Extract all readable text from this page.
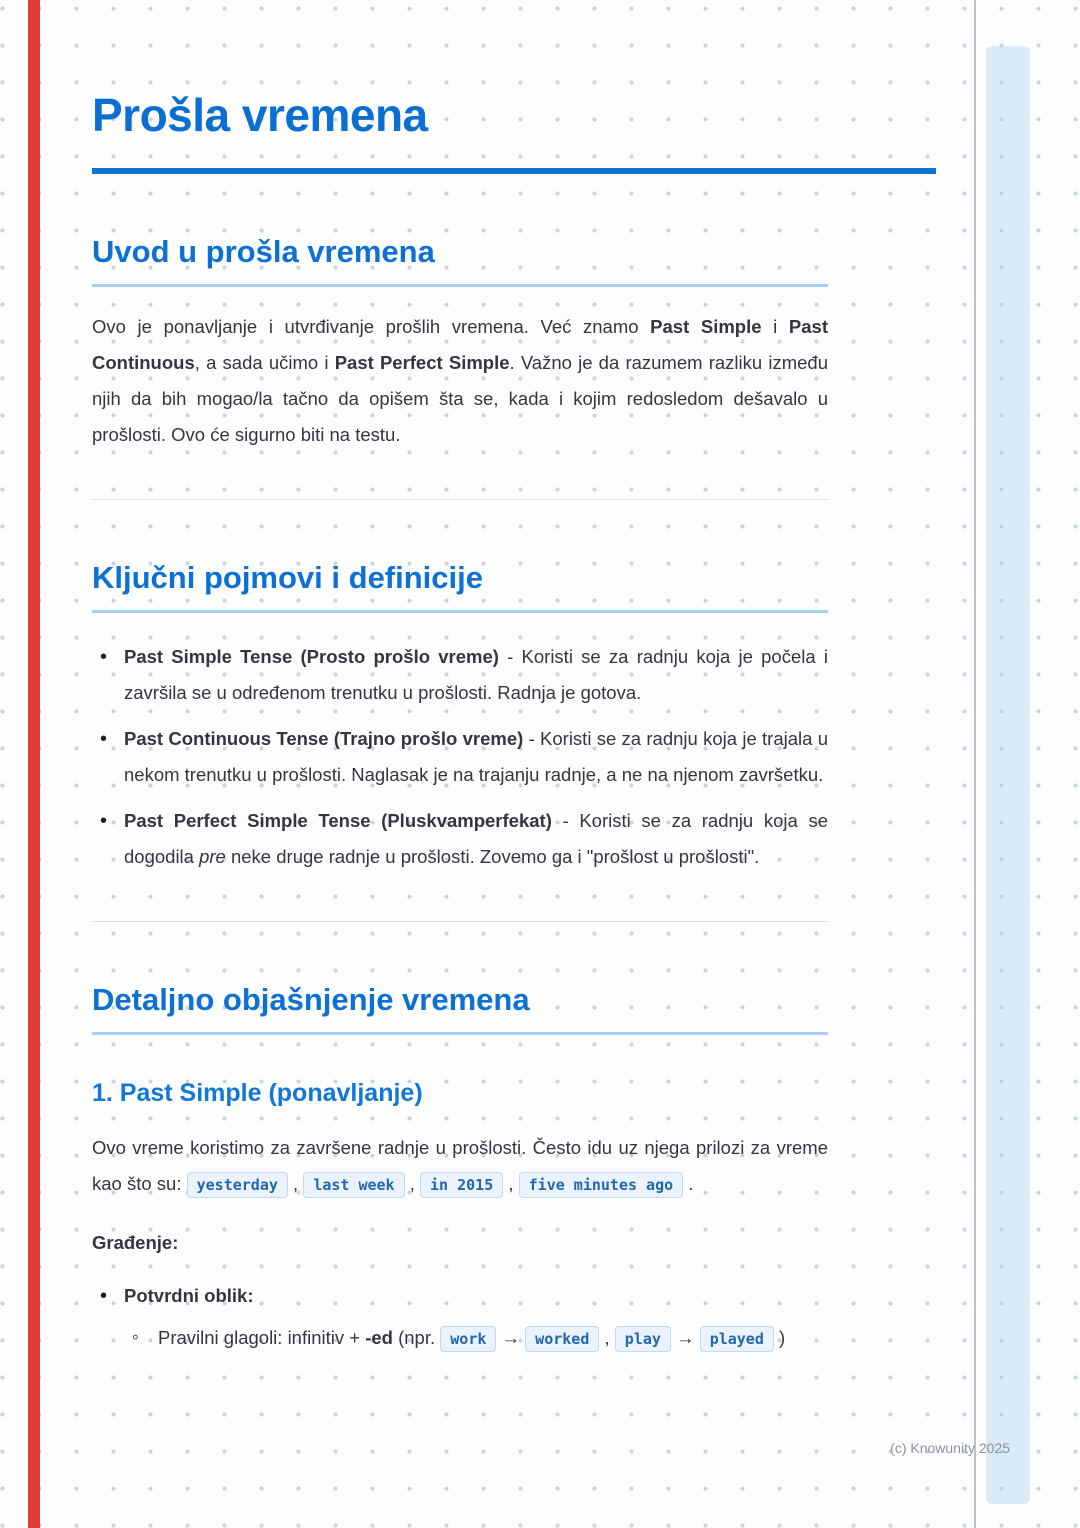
Prošla vremena
Uvod u prošla vremena

Ovo je ponavljanje i utvrđivanje prošlih vremena. Već znamo Past Simple i Past Continuous, a sada učimo i Past Perfect Simple. Važno je da razumem razliku između njih da bih mogao/la tačno da opišem šta se, kada i kojim redosledom dešavalo u prošlosti. Ovo će sigurno biti na testu.

Ključni pojmovi i definicije
• Past Simple Tense (Prosto prošlo vreme) - Koristi se za radnju koja je počela i završila se u određenom trenutku u prošlosti. Radnja je gotova.
• Past Continuous Tense (Trajno prošlo vreme) - Koristi se za radnju koja je trajala u nekom trenutku u prošlosti. Naglasak je na trajanju radnje, a ne na njenom završetku.
• Past Perfect Simple Tense (Pluskvamperfekat) - Koristi se za radnju koja se dogodila pre neke druge radnje u prošlosti. Zovemo ga i "prošlost u prošlosti".
Detaljno objašnjenje vremena
1. Past Simple (ponavljanje)

Ovo vreme koristimo za završene radnje u prošlosti. Često idu uz njega prilozi za vreme kao što su: yesterday , last week , in 2015 , five minutes ago .

Građenje:

• Potvrdni oblik:
◦ Pravilni glagoli: infinitiv + -ed (npr. work → worked , play → played )
(c) Knowunity 2025
